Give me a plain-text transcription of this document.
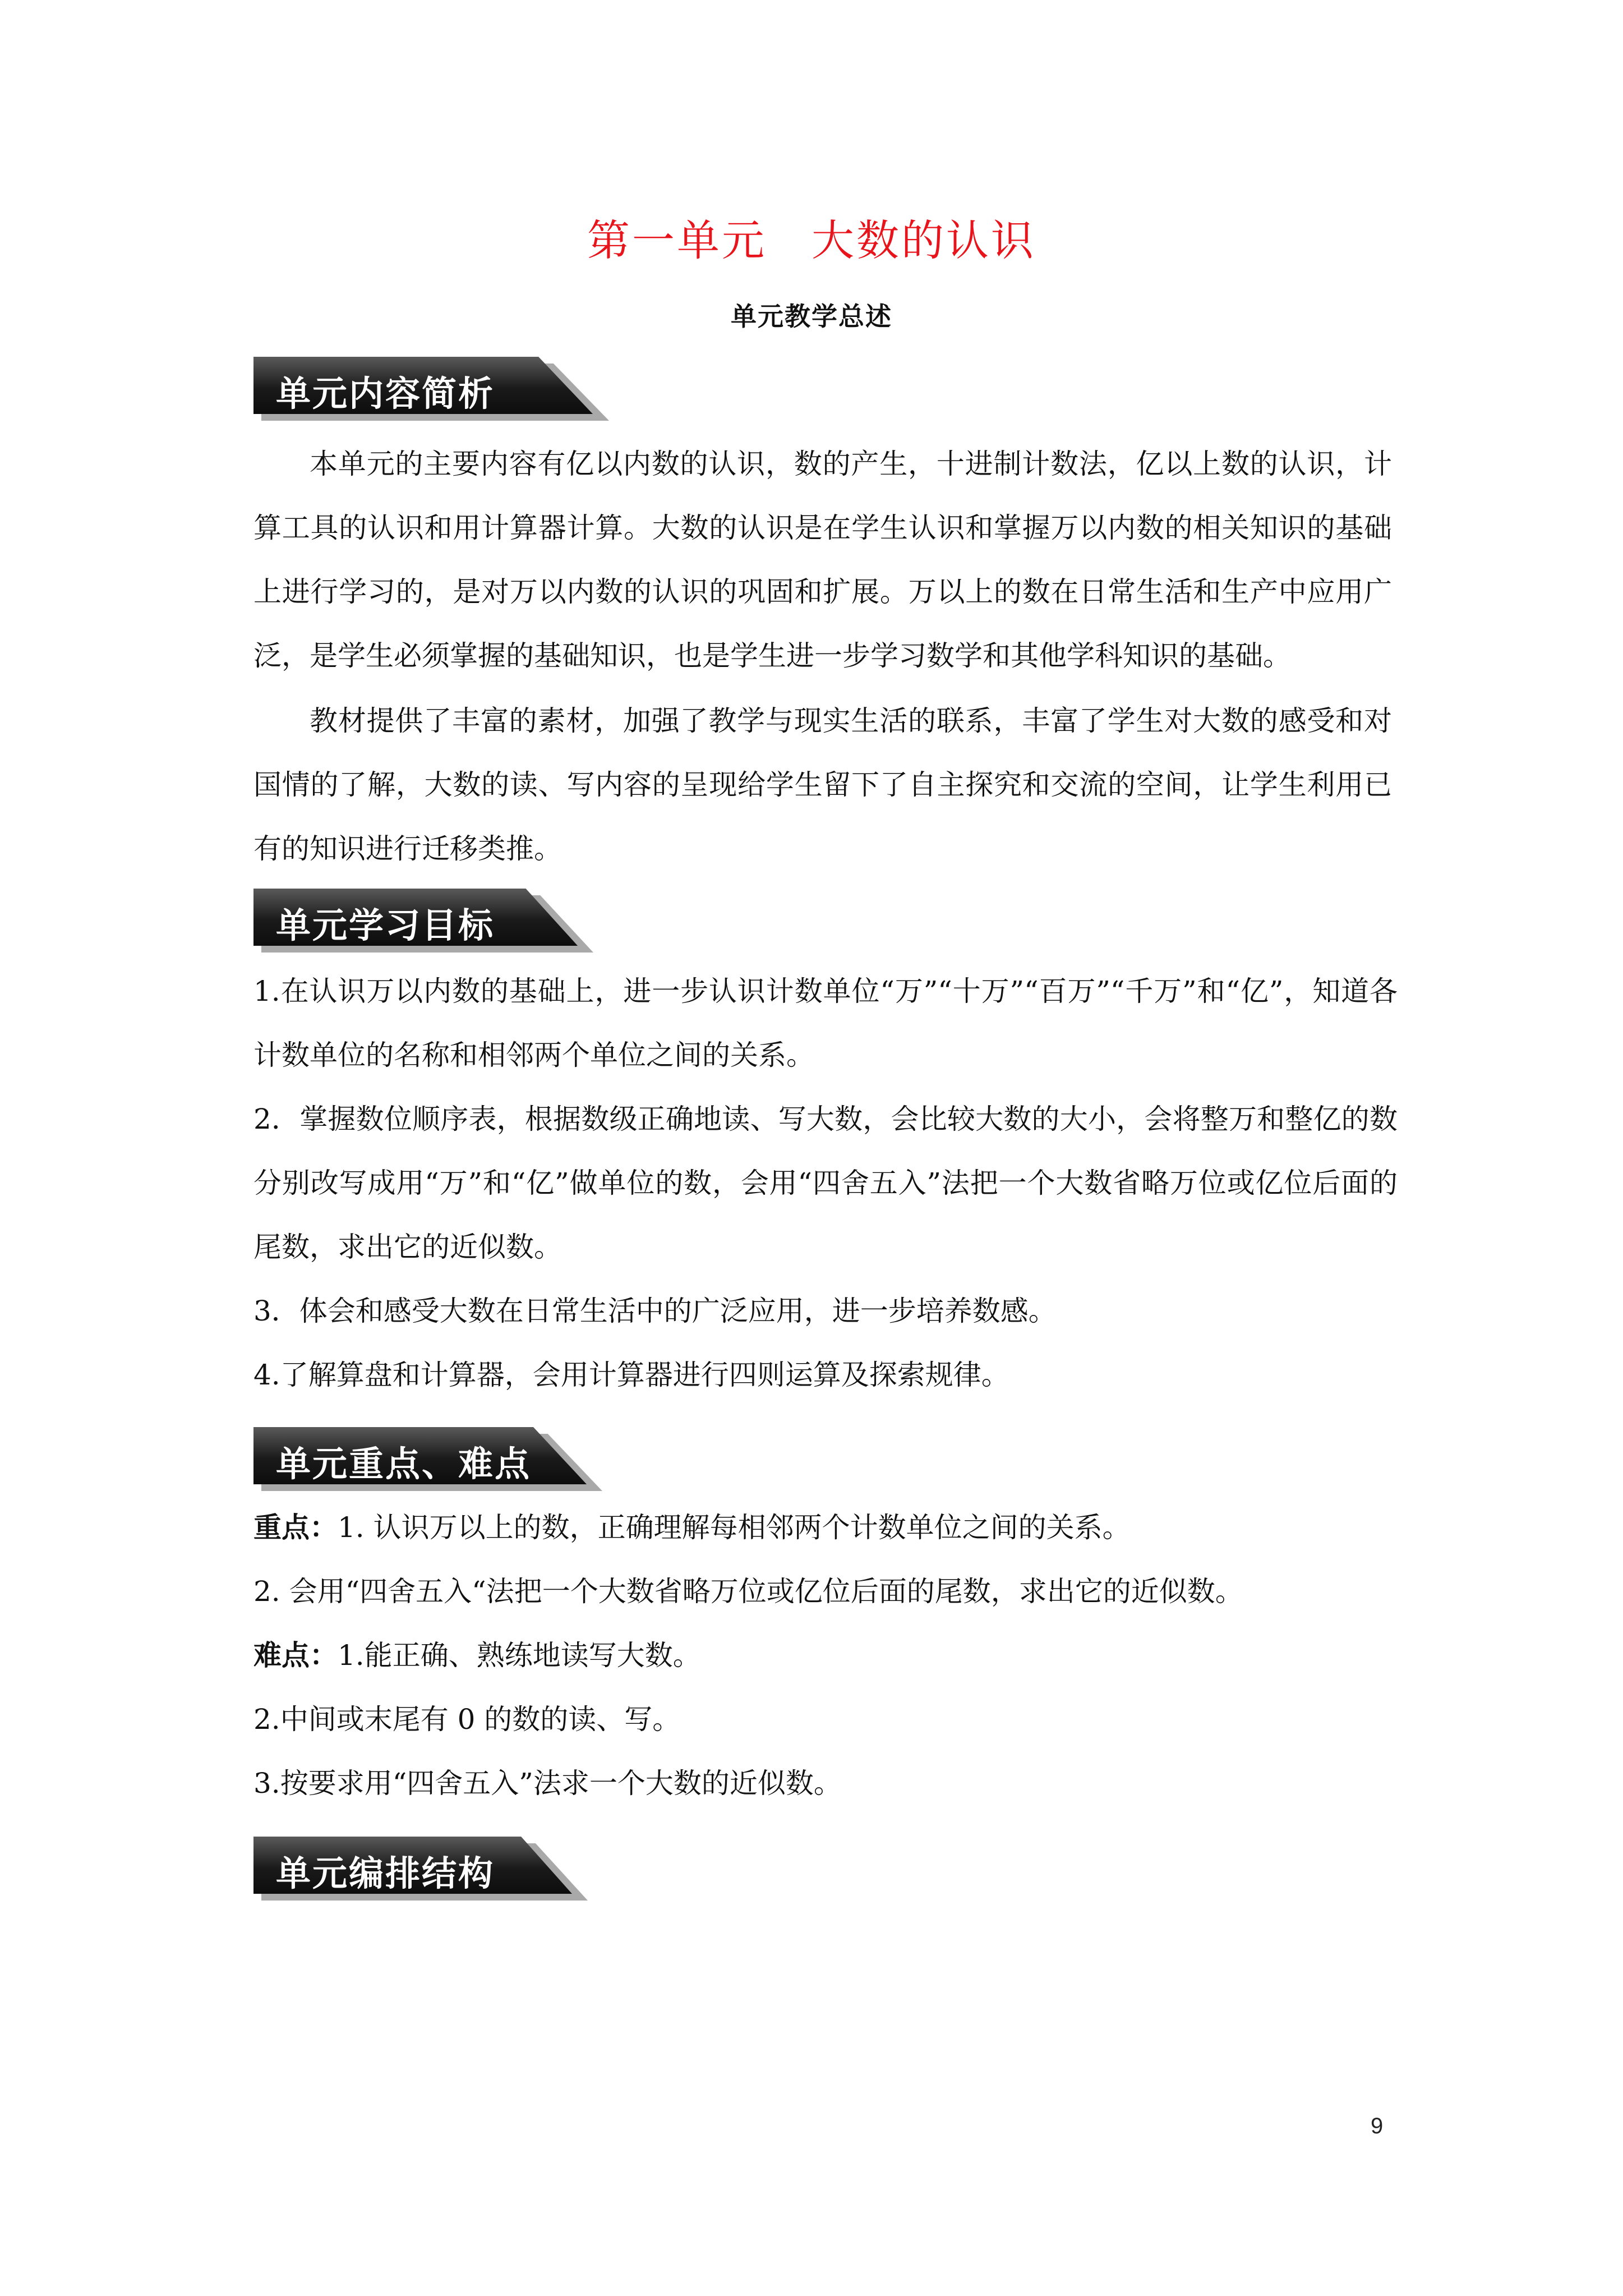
第一单元　大数的认识
单元教学总述
单元内容简析

本单元的主要内容有亿以内数的认识，数的产生，十进制计数法，亿以上数的认识，计算工具的认识和用计算器计算。大数的认识是在学生认识和掌握万以内数的相关知识的基础上进行学习的，是对万以内数的认识的巩固和扩展。万以上的数在日常生活和生产中应用广泛，是学生必须掌握的基础知识，也是学生进一步学习数学和其他学科知识的基础。

教材提供了丰富的素材，加强了教学与现实生活的联系，丰富了学生对大数的感受和对国情的了解，大数的读、写内容的呈现给学生留下了自主探究和交流的空间，让学生利用已有的知识进行迁移类推。

单元学习目标

1.在认识万以内数的基础上，进一步认识计数单位“万”“十万”“百万”“千万”和“亿”，知道各计数单位的名称和相邻两个单位之间的关系。

2．掌握数位顺序表，根据数级正确地读、写大数，会比较大数的大小，会将整万和整亿的数分别改写成用“万”和“亿”做单位的数，会用“四舍五入”法把一个大数省略万位或亿位后面的尾数，求出它的近似数。

3．体会和感受大数在日常生活中的广泛应用，进一步培养数感。
4.了解算盘和计算器，会用计算器进行四则运算及探索规律。
单元重点、难点
重点：1. 认识万以上的数，正确理解每相邻两个计数单位之间的关系。
2. 会用“四舍五入“法把一个大数省略万位或亿位后面的尾数，求出它的近似数。
难点：1.能正确、熟练地读写大数。
2.中间或末尾有 0 的数的读、写。
3.按要求用“四舍五入”法求一个大数的近似数。
单元编排结构
9
